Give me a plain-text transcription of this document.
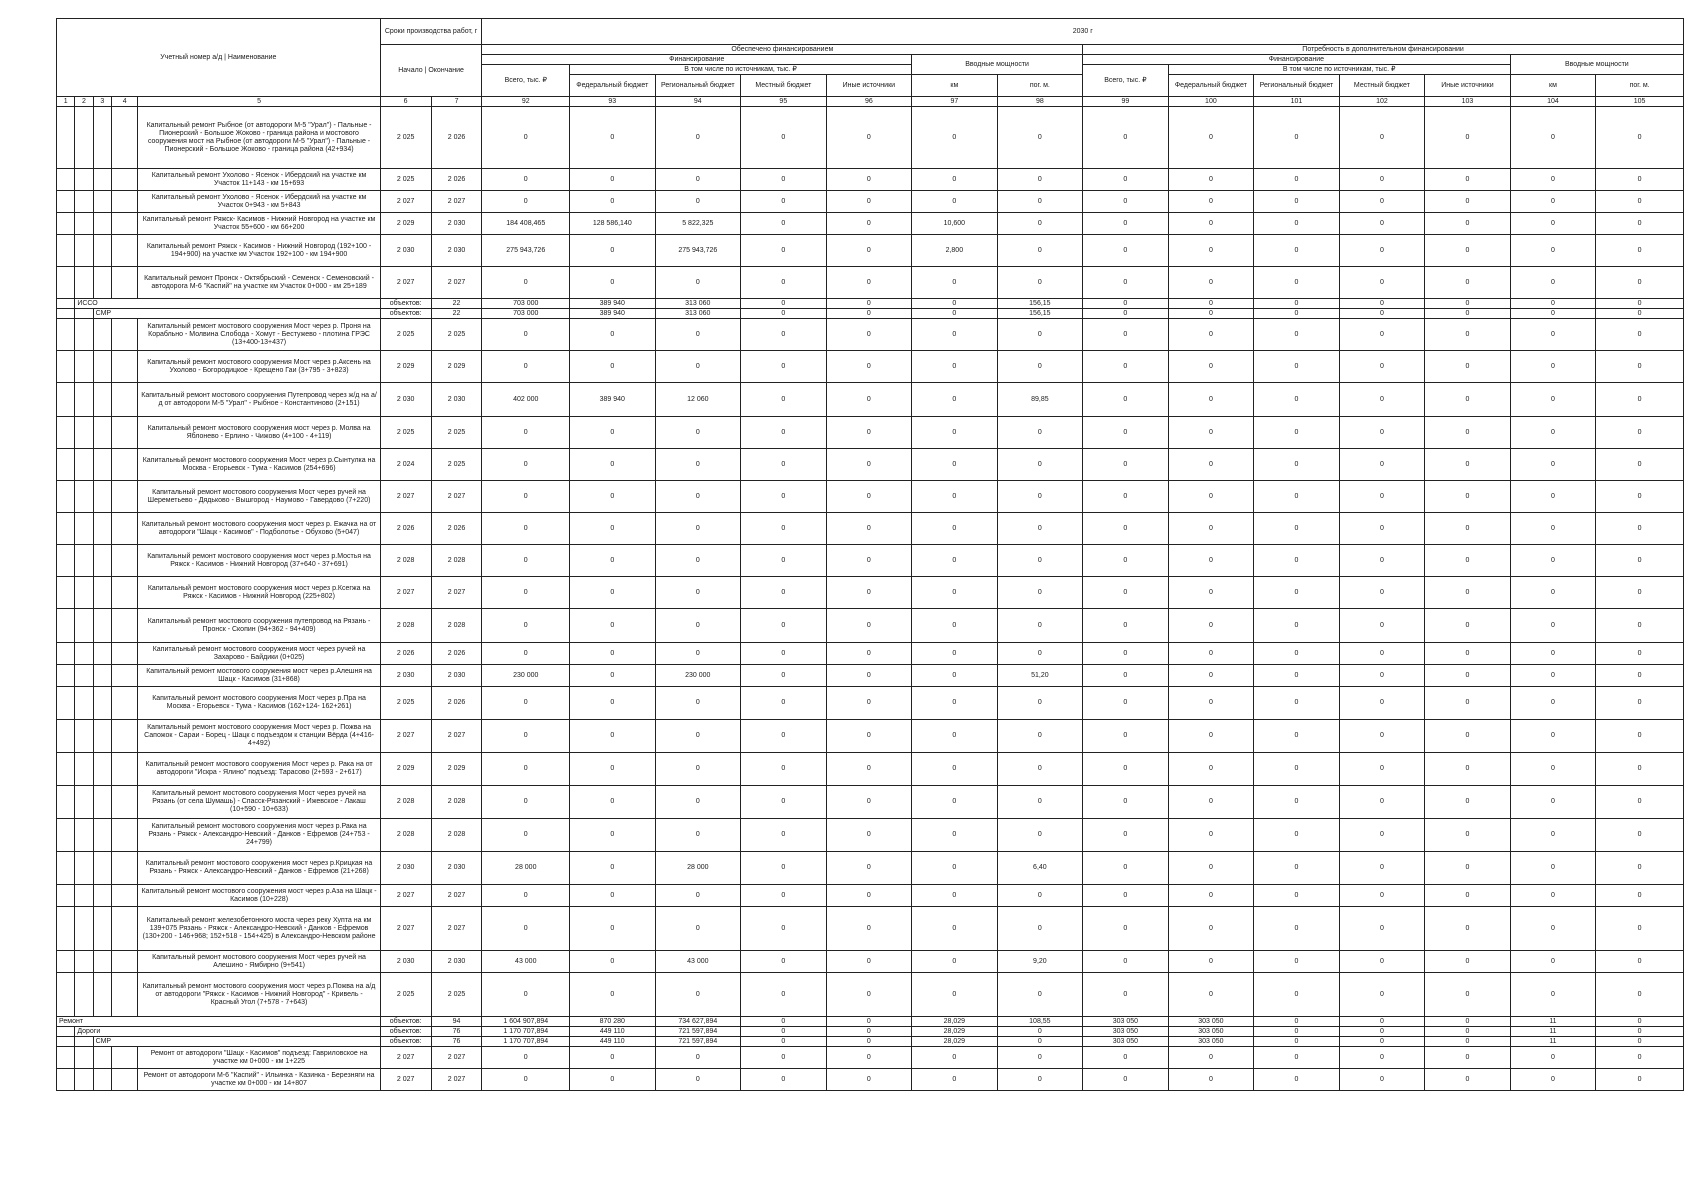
Учетный номер а/д | Наименование					Сроки производства работ, г		2030 г													
					Начало | Окончание		Обеспечено финансированием							Потребность в дополнительном финансировании						
							Финансирование					Вводные мощности		Финансирование					Вводные мощности	
							Всего, тыс. ₽	В том числе по источникам, тыс. ₽						Всего, тыс. ₽	В том числе по источникам, тыс. ₽					
								Федеральный бюджет	Региональный бюджет	Местный бюджет	Иные источники	км	пог. м.		Федеральный бюджет	Региональный бюджет	Местный бюджет	Иные источники	км	пог. м.
1	2	3	4	5	6	7	92	93	94	95	96	97	98	99	100	101	102	103	104	105
				Капитальный ремонт Рыбное (от автодороги М-5 "Урал") - Пальные - Пионерский - Большое Жоково - граница района и мостового сооружения мост на Рыбное (от автодороги М-5 "Урал") - Пальные - Пионерский - Большое Жоково - граница района (42+934)	2 025	2 026	0	0	0	0	0	0	0	0	0	0	0	0	0	0
				Капитальный ремонт Ухолово - Ясенок - Ибердский на участке км Участок 11+143 - км 15+693	2 025	2 026	0	0	0	0	0	0	0	0	0	0	0	0	0	0
				Капитальный ремонт Ухолово - Ясенок - Ибердский на участке км Участок 0+943 - км 5+843	2 027	2 027	0	0	0	0	0	0	0	0	0	0	0	0	0	0
				Капитальный ремонт Ряжск- Касимов - Нижний Новгород на участке км Участок 55+600 - км 66+200	2 029	2 030	184 408,465	128 586,140	5 822,325	0	0	10,600	0	0	0	0	0	0	0	0
				Капитальный ремонт Ряжск - Касимов - Нижний Новгород (192+100 - 194+900) на участке км Участок 192+100 - км 194+900	2 030	2 030	275 943,726	0	275 943,726	0	0	2,800	0	0	0	0	0	0	0	0
				Капитальный ремонт Пронск - Октябрьский - Семенск - Семеновский - автодорога М-6 "Каспий" на участке км Участок 0+000 - км 25+189	2 027	2 027	0	0	0	0	0	0	0	0	0	0	0	0	0	0
	ИССО				объектов:	22	703 000	389 940	313 060	0	0	0	156,15	0	0	0	0	0	0	0
		СМР			объектов:	22	703 000	389 940	313 060	0	0	0	156,15	0	0	0	0	0	0	0
				Капитальный ремонт мостового сооружения Мост через р. Проня на Корабльно - Молвина Слобода - Хомут - Бестужево - плотина ГРЭС (13+400-13+437)	2 025	2 025	0	0	0	0	0	0	0	0	0	0	0	0	0	0
				Капитальный ремонт мостового сооружения Мост через р.Аксень на Ухолово - Богородицкое - Крещено Гаи (3+795 - 3+823)	2 029	2 029	0	0	0	0	0	0	0	0	0	0	0	0	0	0
				Капитальный ремонт мостового сооружения Путепровод через ж/д на а/д от автодороги М-5 "Урал" - Рыбное - Константиново (2+151)	2 030	2 030	402 000	389 940	12 060	0	0	0	89,85	0	0	0	0	0	0	0
				Капитальный ремонт мостового сооружения мост через р. Молва на Яблонево - Ерлино - Чижово (4+100 - 4+119)	2 025	2 025	0	0	0	0	0	0	0	0	0	0	0	0	0	0
				Капитальный ремонт мостового сооружения Мост через р.Сынтулка на Москва - Егорьевск - Тума - Касимов (254+696)	2 024	2 025	0	0	0	0	0	0	0	0	0	0	0	0	0	0
				Капитальный ремонт мостового сооружения Мост через ручей на Шереметьево - Дядьково - Вышгород - Наумово - Гавердово (7+220)	2 027	2 027	0	0	0	0	0	0	0	0	0	0	0	0	0	0
				Капитальный ремонт мостового сооружения мост через р. Ежачка на от автодороги "Шацк - Касимов" - Подболотье - Обухово (5+047)	2 026	2 026	0	0	0	0	0	0	0	0	0	0	0	0	0	0
				Капитальный ремонт мостового сооружения мост через р.Мостья на Ряжск - Касимов - Нижний Новгород (37+640 - 37+691)	2 028	2 028	0	0	0	0	0	0	0	0	0	0	0	0	0	0
				Капитальный ремонт мостового сооружения мост через р.Ксегжа на Ряжск - Касимов - Нижний Новгород (225+802)	2 027	2 027	0	0	0	0	0	0	0	0	0	0	0	0	0	0
				Капитальный ремонт мостового сооружения путепровод на Рязань - Пронск - Скопин (94+362 - 94+409)	2 028	2 028	0	0	0	0	0	0	0	0	0	0	0	0	0	0
				Капитальный ремонт мостового сооружения мост через ручей на Захарово - Байдики (0+025)	2 026	2 026	0	0	0	0	0	0	0	0	0	0	0	0	0	0
				Капитальный ремонт мостового сооружения мост через р.Алешня на Шацк - Касимов (31+868)	2 030	2 030	230 000	0	230 000	0	0	0	51,20	0	0	0	0	0	0	0
				Капитальный ремонт мостового сооружения Мост через р.Пра на Москва - Егорьевск - Тума - Касимов (162+124- 162+261)	2 025	2 026	0	0	0	0	0	0	0	0	0	0	0	0	0	0
				Капитальный ремонт мостового сооружения Мост через р. Пожва на Сапожок - Сараи - Борец - Шацк с подъездом к станции Вёрда (4+416-4+492)	2 027	2 027	0	0	0	0	0	0	0	0	0	0	0	0	0	0
				Капитальный ремонт мостового сооружения Мост через р. Рака на от автодороги "Искра - Ялино" подъезд: Тарасово (2+593 - 2+617)	2 029	2 029	0	0	0	0	0	0	0	0	0	0	0	0	0	0
				Капитальный ремонт мостового сооружения Мост через ручей на Рязань (от села Шумашь) - Спасск-Рязанский - Ижевское - Лакаш (10+590 - 10+633)	2 028	2 028	0	0	0	0	0	0	0	0	0	0	0	0	0	0
				Капитальный ремонт мостового сооружения мост через р.Рака на Рязань - Ряжск - Александро-Невский - Данков - Ефремов (24+753 - 24+799)	2 028	2 028	0	0	0	0	0	0	0	0	0	0	0	0	0	0
				Капитальный ремонт мостового сооружения мост через р.Крицкая на Рязань - Ряжск - Александро-Невский - Данков - Ефремов (21+268)	2 030	2 030	28 000	0	28 000	0	0	0	6,40	0	0	0	0	0	0	0
				Капитальный ремонт мостового сооружения мост через р.Аза на Шацк - Касимов (10+228)	2 027	2 027	0	0	0	0	0	0	0	0	0	0	0	0	0	0
				Капитальный ремонт железобетонного моста через реку Хупта на км 139+075 Рязань - Ряжск - Александро-Невский - Данков - Ефремов (130+200 - 146+968; 152+518 - 154+425) в Александро-Невском районе	2 027	2 027	0	0	0	0	0	0	0	0	0	0	0	0	0	0
				Капитальный ремонт мостового сооружения Мост через ручей на Алешино - Ямбирно (9+541)	2 030	2 030	43 000	0	43 000	0	0	0	9,20	0	0	0	0	0	0	0
				Капитальный ремонт мостового сооружения мост через р.Пожва на а/д от автодороги "Ряжск - Касимов - Нижний Новгород" - Кривель - Красный Угол (7+578 - 7+643)	2 025	2 025	0	0	0	0	0	0	0	0	0	0	0	0	0	0
Ремонт					объектов:	94	1 604 907,894	870 280	734 627,894	0	0	28,029	108,55	303 050	303 050	0	0	0	11	0
	Дороги				объектов:	76	1 170 707,894	449 110	721 597,894	0	0	28,029	0	303 050	303 050	0	0	0	11	0
		СМР			объектов:	76	1 170 707,894	449 110	721 597,894	0	0	28,029	0	303 050	303 050	0	0	0	11	0
				Ремонт от автодороги "Шацк - Касимов" подъезд: Гавриловское на участке км 0+000 - км 1+225	2 027	2 027	0	0	0	0	0	0	0	0	0	0	0	0	0	0
				Ремонт от автодороги М-6 "Каспий" - Ильинка - Казинка - Березняги на участке км 0+000 - км 14+807	2 027	2 027	0	0	0	0	0	0	0	0	0	0	0	0	0	0
